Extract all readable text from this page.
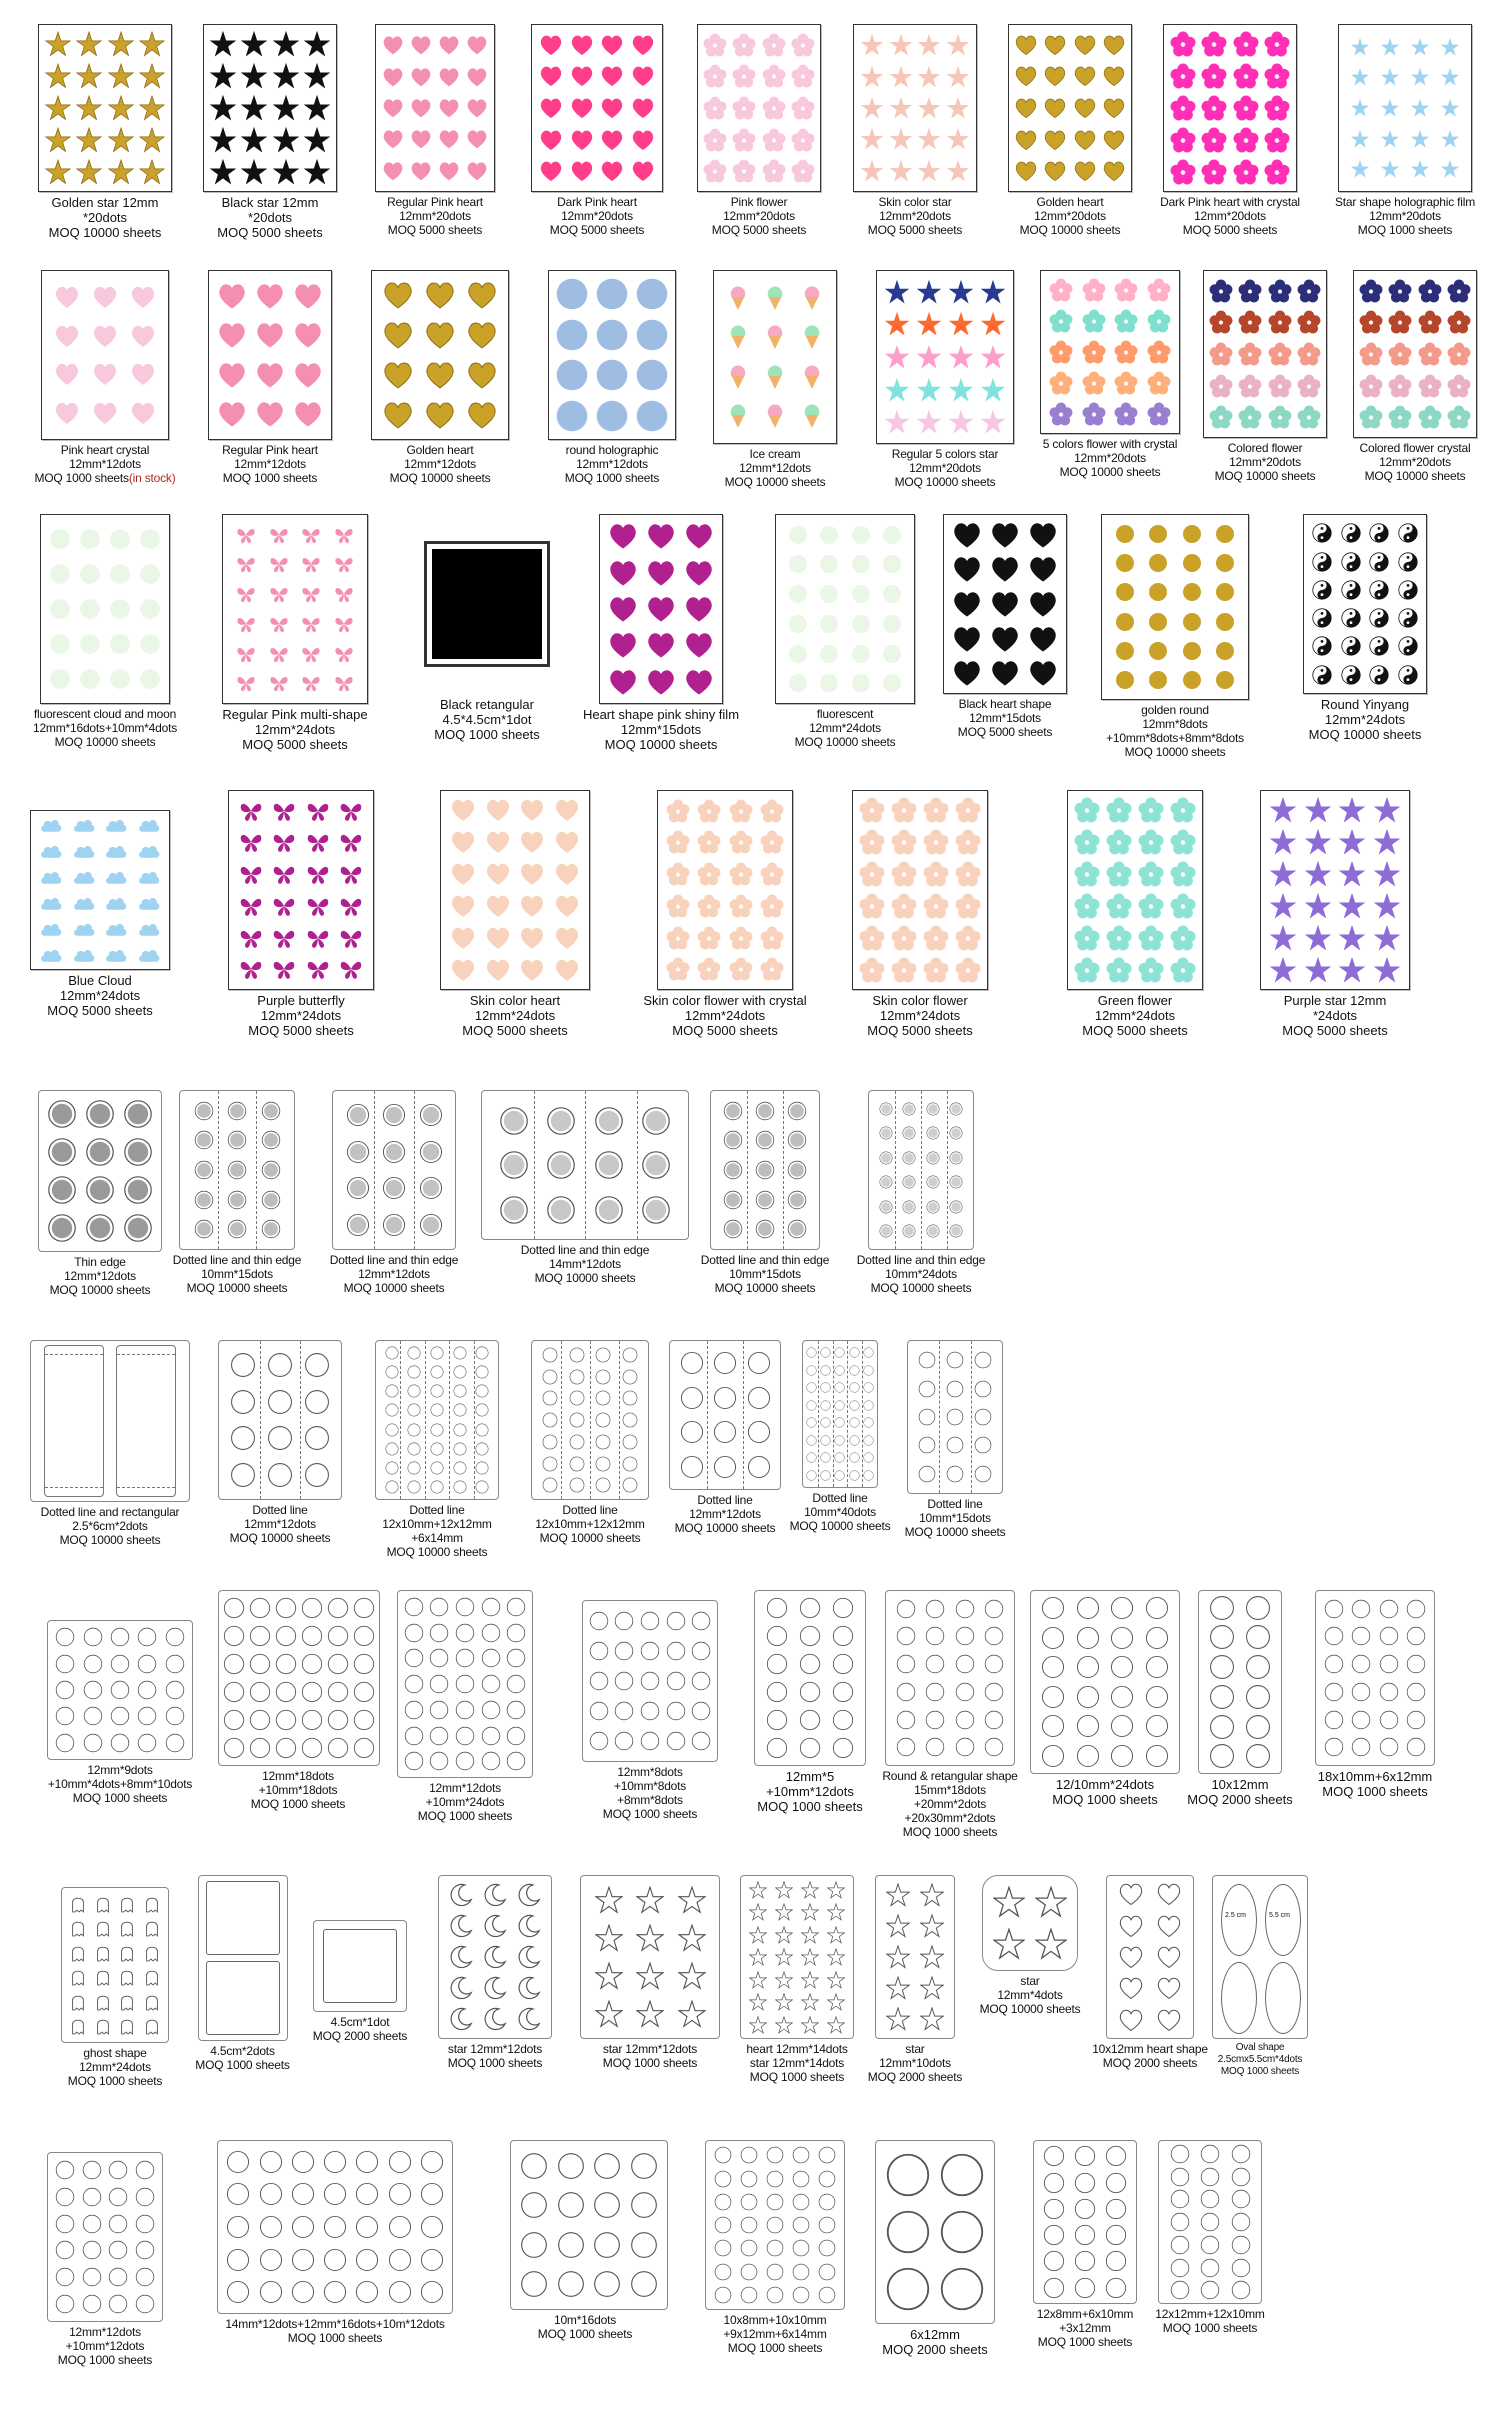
Golden star 12mm
*20dots
MOQ 10000 sheets
Black star 12mm
*20dots
MOQ 5000 sheets
Regular Pink heart
12mm*20dots
MOQ 5000 sheets
Dark Pink heart
12mm*20dots
MOQ 5000 sheets
Pink flower
12mm*20dots
MOQ 5000 sheets
Skin color star
12mm*20dots
MOQ 5000 sheets
Golden heart
12mm*20dots
MOQ 10000 sheets
Dark Pink heart with crystal
12mm*20dots
MOQ 5000 sheets
Star shape holographic film
12mm*20dots
MOQ 1000 sheets
Pink heart crystal
12mm*12dots
MOQ 1000 sheets(in stock)
Regular Pink heart
12mm*12dots
MOQ 1000 sheets
Golden heart
12mm*12dots
MOQ 10000 sheets
round holographic
12mm*12dots
MOQ 1000 sheets
Ice cream
12mm*12dots
MOQ 10000 sheets
Regular 5 colors star
12mm*20dots
MOQ 10000 sheets
5 colors flower with crystal
12mm*20dots
MOQ 10000 sheets
Colored flower
12mm*20dots
MOQ 10000 sheets
Colored flower crystal
12mm*20dots
MOQ 10000 sheets
fluorescent cloud and moon
12mm*16dots+10mm*4dots
MOQ 10000 sheets
Regular Pink multi-shape
12mm*24dots
MOQ 5000 sheets
Black retangular
4.5*4.5cm*1dot
MOQ 1000 sheets
Heart shape pink shiny film
12mm*15dots
MOQ 10000 sheets
fluorescent
12mm*24dots
MOQ 10000 sheets
Black heart shape
12mm*15dots
MOQ 5000 sheets
golden round
12mm*8dots
+10mm*8dots+8mm*8dots
MOQ 10000 sheets
Round Yinyang
12mm*24dots
MOQ 10000 sheets
Blue Cloud
12mm*24dots
MOQ 5000 sheets
Purple butterfly
12mm*24dots
MOQ 5000 sheets
Skin color heart
12mm*24dots
MOQ 5000 sheets
Skin color flower with crystal
12mm*24dots
MOQ 5000 sheets
Skin color flower
12mm*24dots
MOQ 5000 sheets
Green flower
12mm*24dots
MOQ 5000 sheets
Purple star 12mm
*24dots
MOQ 5000 sheets
Thin edge
12mm*12dots
MOQ 10000 sheets
Dotted line and thin edge
10mm*15dots
MOQ 10000 sheets
Dotted line and thin edge
12mm*12dots
MOQ 10000 sheets
Dotted line and thin edge
14mm*12dots
MOQ 10000 sheets
Dotted line and thin edge
10mm*15dots
MOQ 10000 sheets
Dotted line and thin edge
10mm*24dots
MOQ 10000 sheets
Dotted line and rectangular
2.5*6cm*2dots
MOQ 10000 sheets
Dotted line
12mm*12dots
MOQ 10000 sheets
Dotted line
12x10mm+12x12mm
+6x14mm
MOQ 10000 sheets
Dotted line
12x10mm+12x12mm
MOQ 10000 sheets
Dotted line
12mm*12dots
MOQ 10000 sheets
Dotted line
10mm*40dots
MOQ 10000 sheets
Dotted line
10mm*15dots
MOQ 10000 sheets
12mm*9dots
+10mm*4dots+8mm*10dots
MOQ 1000 sheets
12mm*18dots
+10mm*18dots
MOQ 1000 sheets
12mm*12dots
+10mm*24dots
MOQ 1000 sheets
12mm*8dots
+10mm*8dots
+8mm*8dots
MOQ 1000 sheets
12mm*5
+10mm*12dots
MOQ 1000 sheets
Round & retangular shape
15mm*18dots
+20mm*2dots
+20x30mm*2dots
MOQ 1000 sheets
12/10mm*24dots
MOQ 1000 sheets
10x12mm
MOQ 2000 sheets
18x10mm+6x12mm
MOQ 1000 sheets
ghost shape
12mm*24dots
MOQ 1000 sheets
4.5cm*2dots
MOQ 1000 sheets
4.5cm*1dot
MOQ 2000 sheets
star 12mm*12dots
MOQ 1000 sheets
star 12mm*12dots
MOQ 1000 sheets
heart 12mm*14dots
star 12mm*14dots
MOQ 1000 sheets
star
12mm*10dots
MOQ 2000 sheets
star
12mm*4dots
MOQ 10000 sheets
10x12mm heart shape
MOQ 2000 sheets
2.5 cm	5.5 cm
Oval shape
2.5cmx5.5cm*4dots
MOQ 1000 sheets
12mm*12dots
+10mm*12dots
MOQ 1000 sheets
14mm*12dots+12mm*16dots+10m*12dots
MOQ 1000 sheets
10m*16dots
MOQ 1000 sheets
10x8mm+10x10mm
+9x12mm+6x14mm
MOQ 1000 sheets
6x12mm
MOQ 2000 sheets
12x8mm+6x10mm
+3x12mm
MOQ 1000 sheets
12x12mm+12x10mm
MOQ 1000 sheets
